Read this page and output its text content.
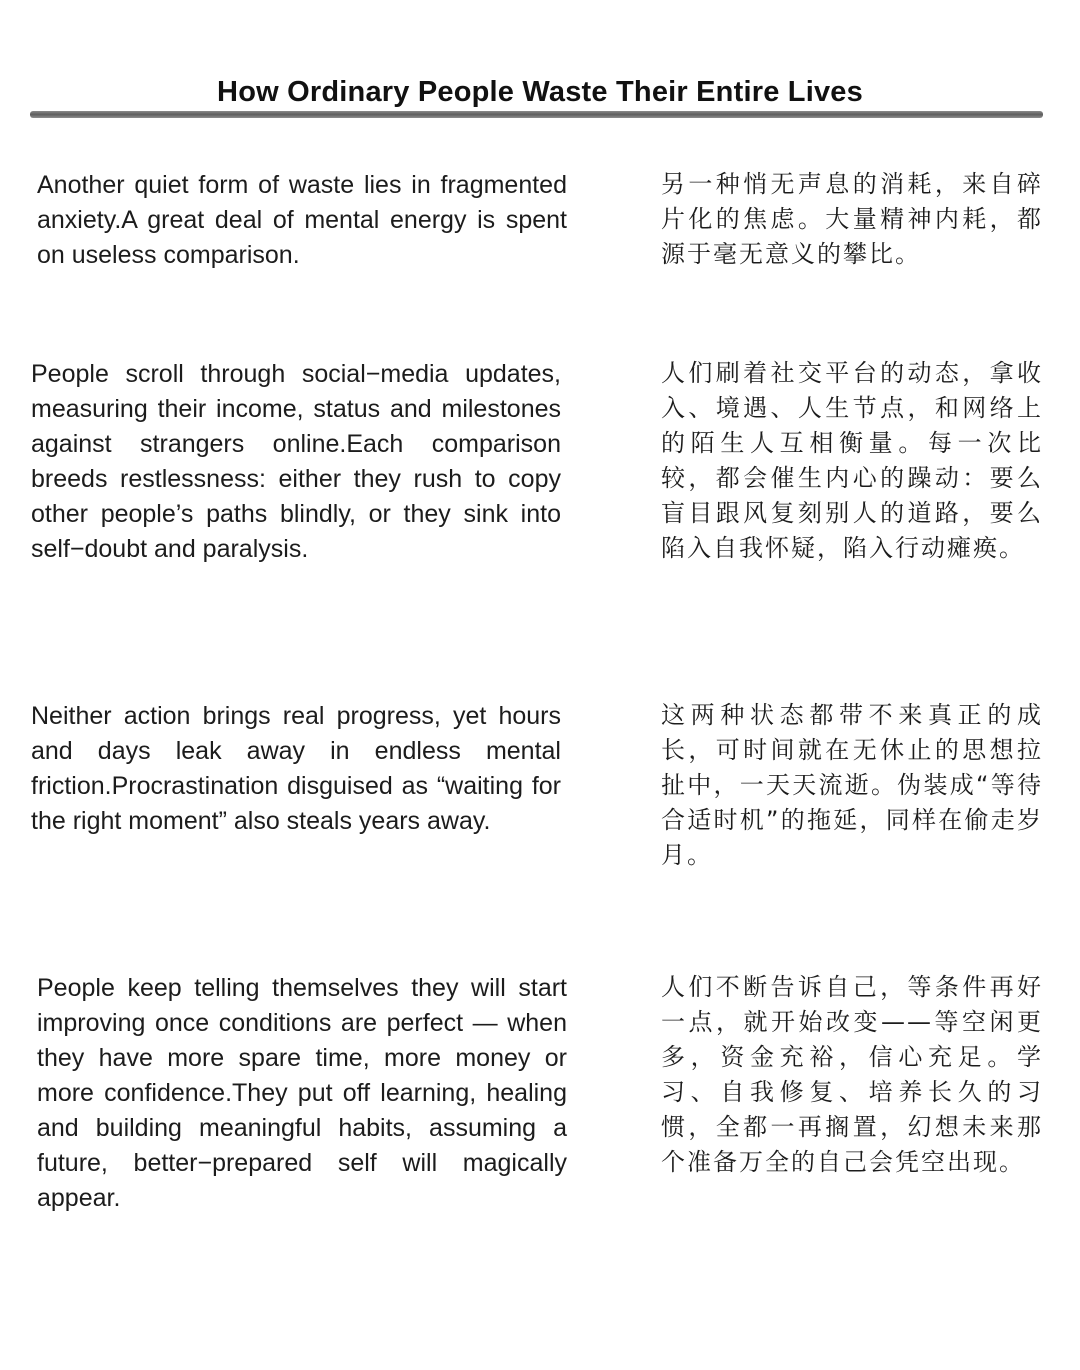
How Ordinary People Waste Their Entire Lives

Another quiet form of waste lies in fragmented anxiety.A great deal of mental energy is spent on useless comparison.

另一种悄无声息的消耗，来自碎片化的焦虑。大量精神内耗，都源于毫无意义的攀比。

People scroll through social−media updates, measuring their income, status and milestones against strangers online.Each comparison breeds restlessness: either they rush to copy other people’s paths blindly, or they sink into self−doubt and paralysis.

人们刷着社交平台的动态，拿收入、境遇、人生节点，和网络上的陌生人互相衡量。每一次比较，都会催生内心的躁动：要么盲目跟风复刻别人的道路，要么陷入自我怀疑，陷入行动瘫痪。

Neither action brings real progress, yet hours and days leak away in endless mental friction.Procrastination disguised as “waiting for the right moment” also steals years away.

这两种状态都带不来真正的成长，可时间就在无休止的思想拉扯中，一天天流逝。伪装成“等待合适时机”的拖延，同样在偷走岁月。

People keep telling themselves they will start improving once conditions are perfect — when they have more spare time, more money or more confidence.They put off learning, healing and building meaningful habits, assuming a future, better−prepared self will magically appear.

人们不断告诉自己，等条件再好一点，就开始改变——等空闲更多，资金充裕，信心充足。学习、自我修复、培养长久的习惯，全都一再搁置，幻想未来那个准备万全的自己会凭空出现。
